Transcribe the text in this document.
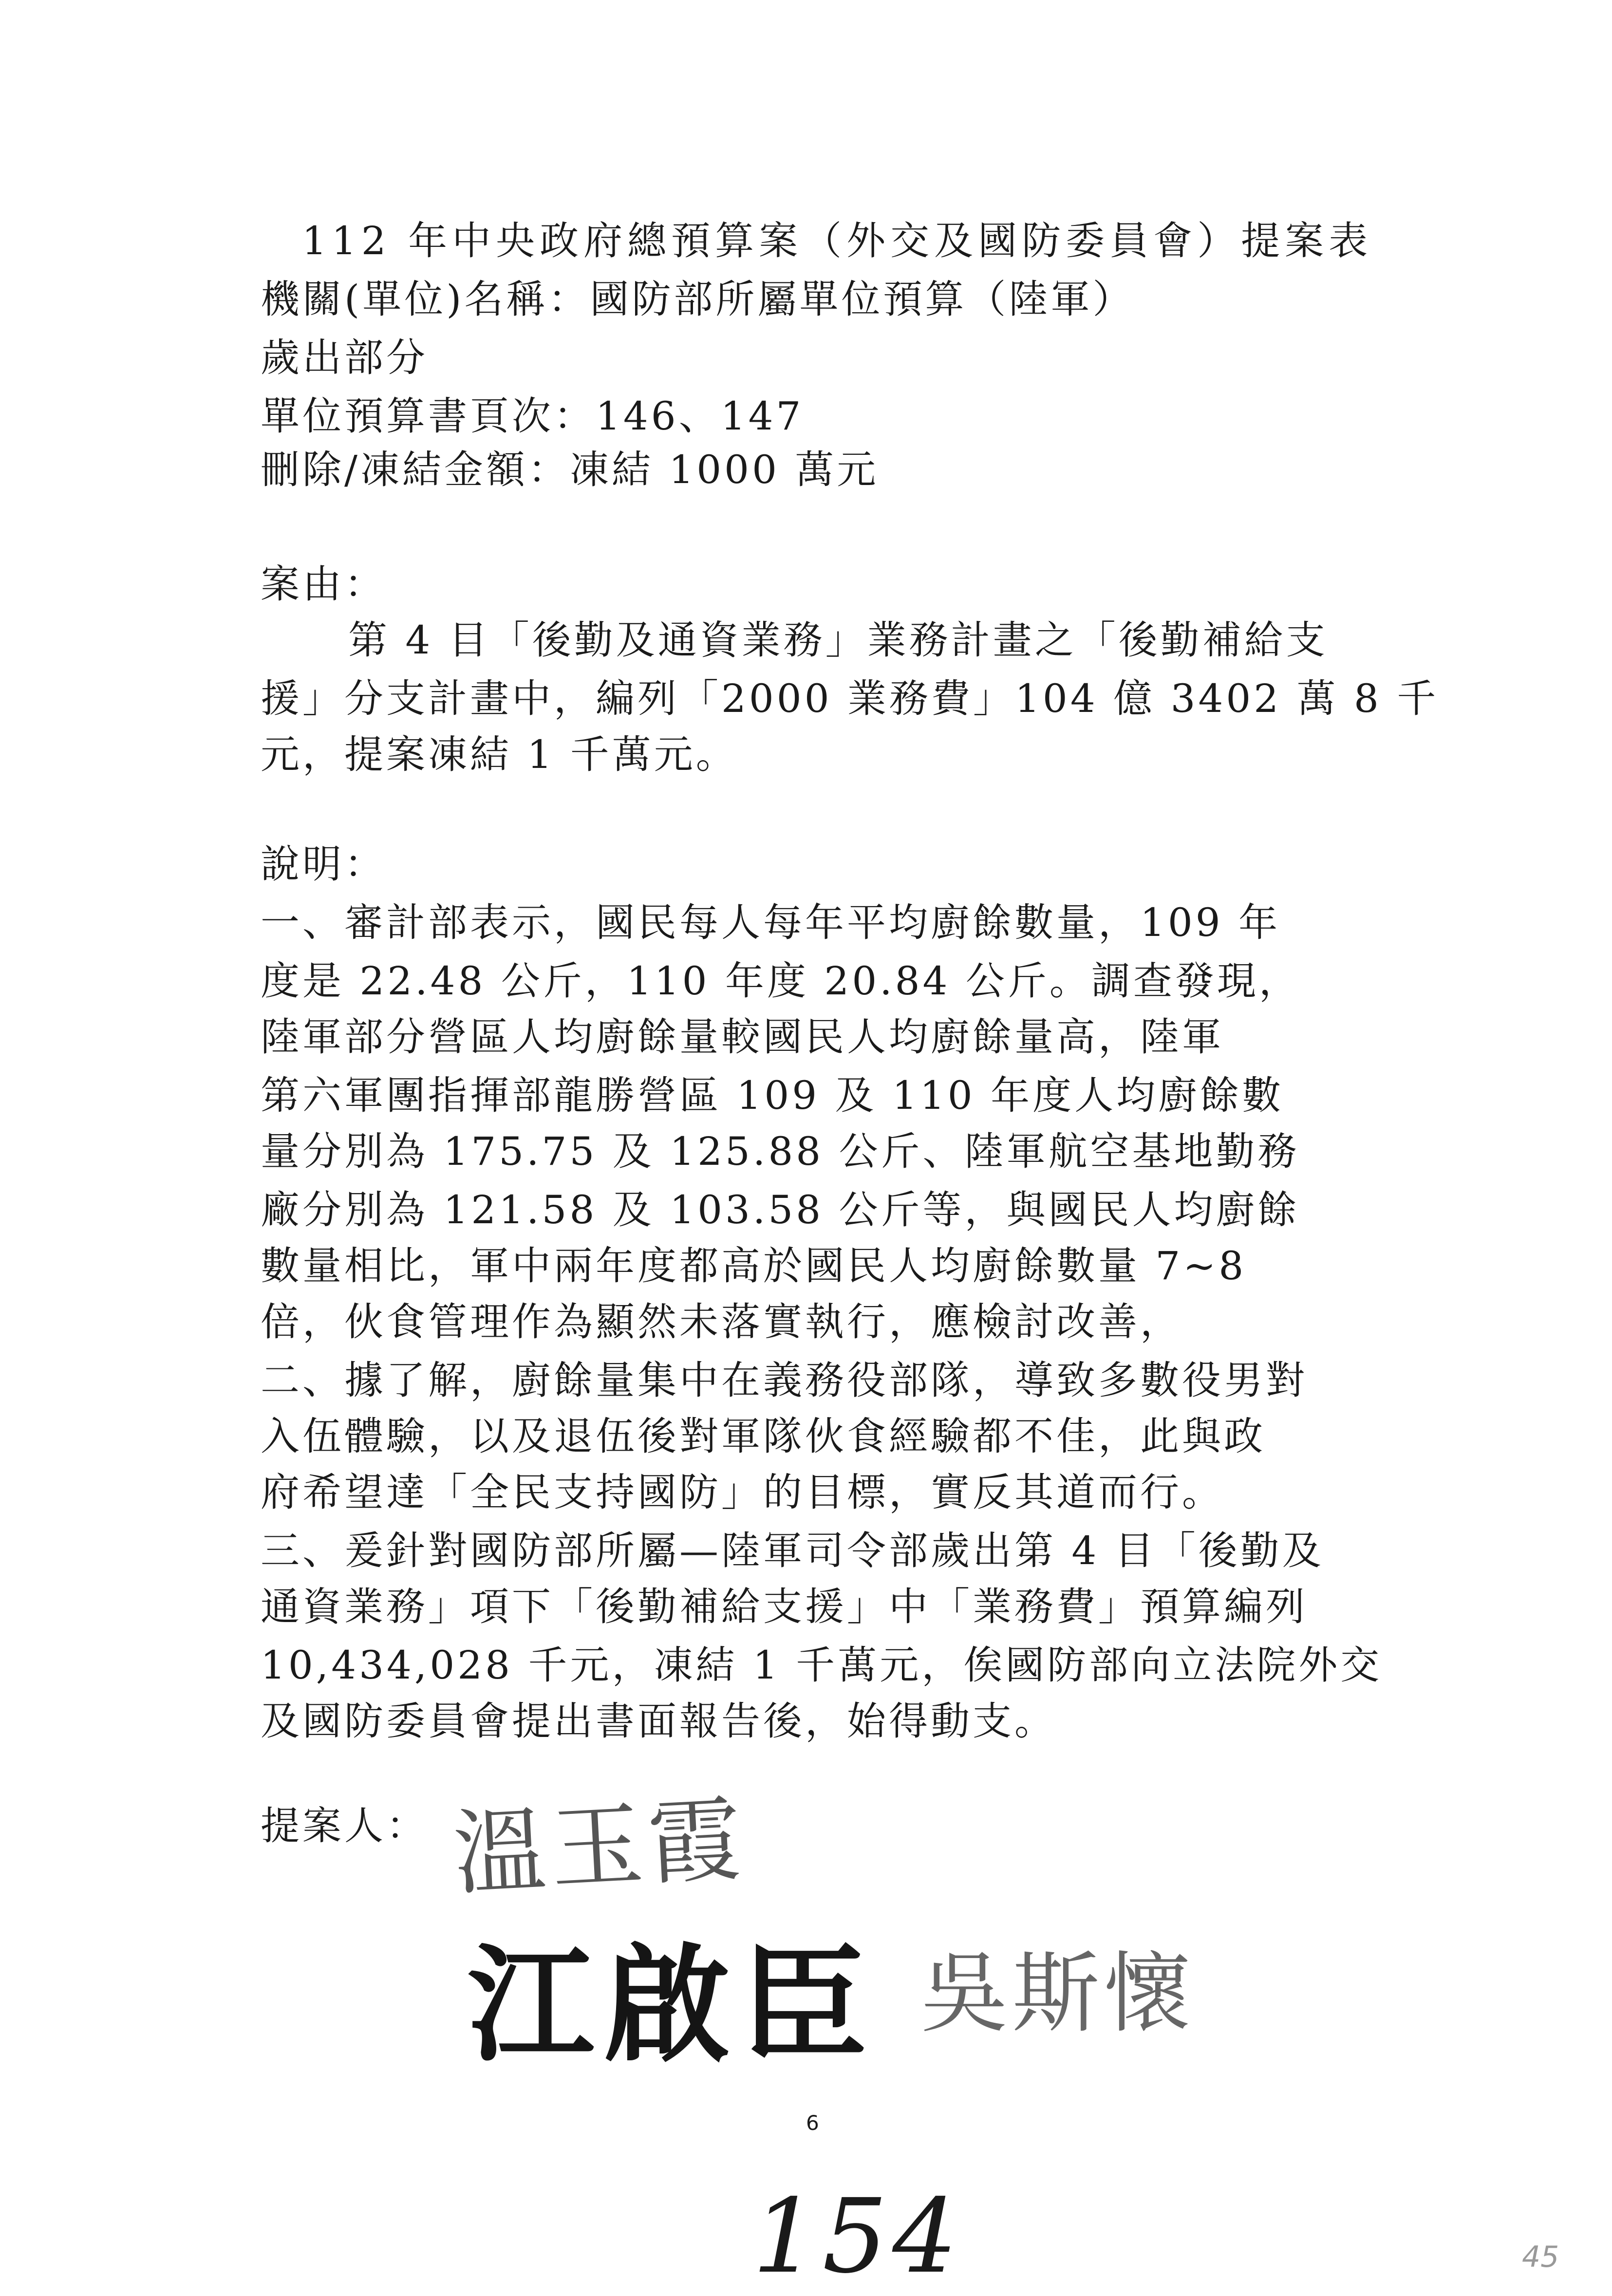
112 年中央政府總預算案（外交及國防委員會）提案表
機關(單位)名稱：國防部所屬單位預算（陸軍）
歲出部分
單位預算書頁次：146、147
刪除/凍結金額：凍結 1000 萬元
案由：
第 4 目「後勤及通資業務」業務計畫之「後勤補給支
援」分支計畫中，編列「2000 業務費」104 億 3402 萬 8 千
元，提案凍結 1 千萬元。
說明：
一、審計部表示，國民每人每年平均廚餘數量，109 年
度是 22.48 公斤，110 年度 20.84 公斤。調查發現，
陸軍部分營區人均廚餘量較國民人均廚餘量高，陸軍
第六軍團指揮部龍勝營區 109 及 110 年度人均廚餘數
量分別為 175.75 及 125.88 公斤、陸軍航空基地勤務
廠分別為 121.58 及 103.58 公斤等，與國民人均廚餘
數量相比，軍中兩年度都高於國民人均廚餘數量 7~8
倍，伙食管理作為顯然未落實執行，應檢討改善，
二、據了解，廚餘量集中在義務役部隊，導致多數役男對
入伍體驗，以及退伍後對軍隊伙食經驗都不佳，此與政
府希望達「全民支持國防」的目標，實反其道而行。
三、爰針對國防部所屬—陸軍司令部歲出第 4 目「後勤及
通資業務」項下「後勤補給支援」中「業務費」預算編列
10,434,028 千元，凍結 1 千萬元，俟國防部向立法院外交
及國防委員會提出書面報告後，始得動支。
提案人： 溫玉霞
江啟臣 吳斯懷
6
154	45
